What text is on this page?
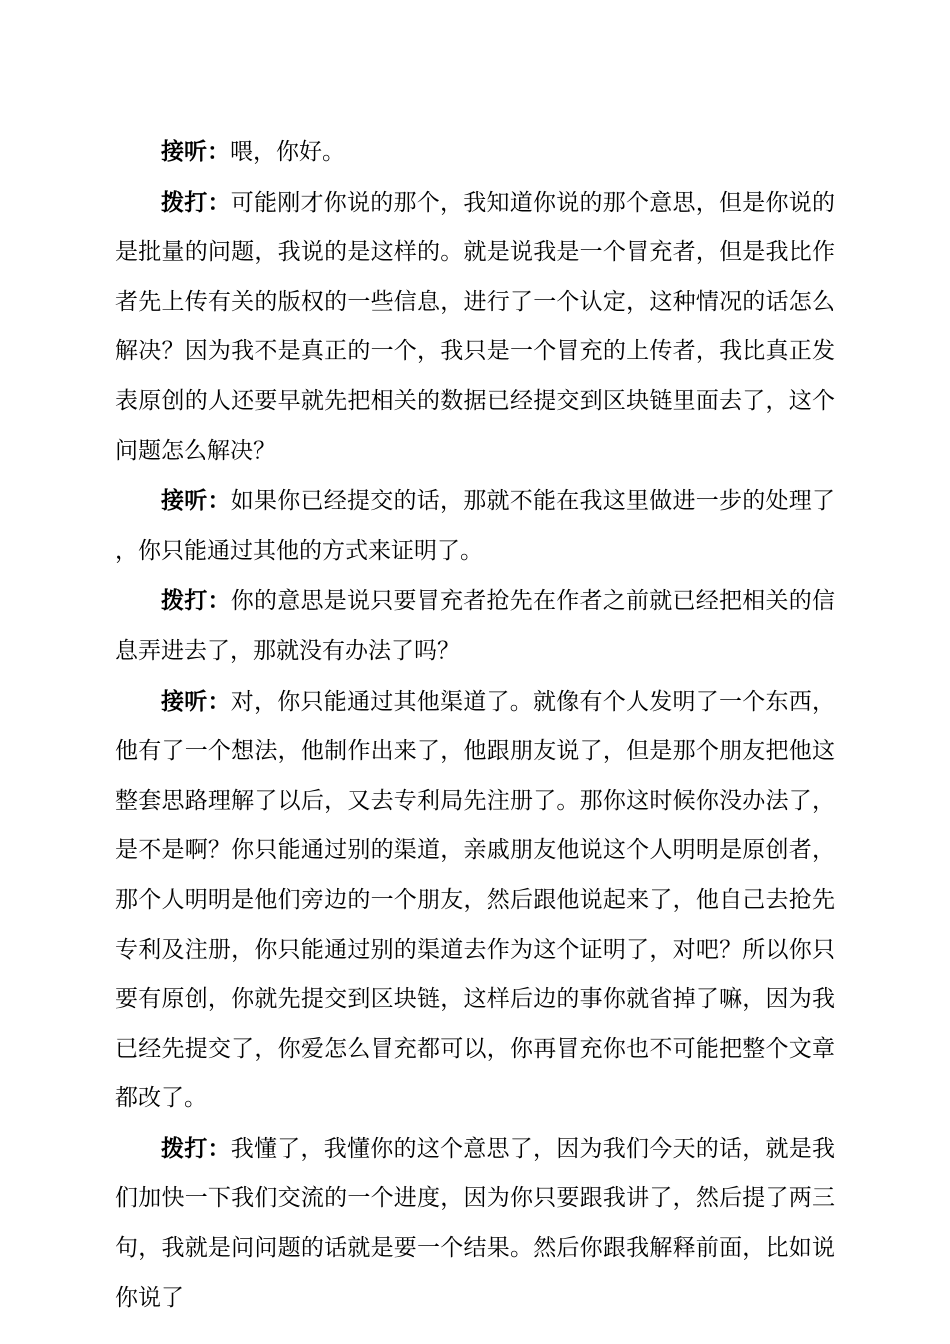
接听：喂，你好。

拨打：可能刚才你说的那个，我知道你说的那个意思，但是你说的是批量的问题，我说的是这样的。就是说我是一个冒充者，但是我比作者先上传有关的版权的一些信息，进行了一个认定，这种情况的话怎么解决？因为我不是真正的一个，我只是一个冒充的上传者，我比真正发表原创的人还要早就先把相关的数据已经提交到区块链里面去了，这个问题怎么解决？

接听：如果你已经提交的话，那就不能在我这里做进一步的处理了，你只能通过其他的方式来证明了。

拨打：你的意思是说只要冒充者抢先在作者之前就已经把相关的信息弄进去了，那就没有办法了吗？

接听：对，你只能通过其他渠道了。就像有个人发明了一个东西，他有了一个想法，他制作出来了，他跟朋友说了，但是那个朋友把他这整套思路理解了以后，又去专利局先注册了。那你这时候你没办法了，是不是啊？你只能通过别的渠道，亲戚朋友他说这个人明明是原创者，那个人明明是他们旁边的一个朋友，然后跟他说起来了，他自己去抢先专利及注册，你只能通过别的渠道去作为这个证明了，对吧？所以你只要有原创，你就先提交到区块链，这样后边的事你就省掉了嘛，因为我已经先提交了，你爱怎么冒充都可以，你再冒充你也不可能把整个文章都改了。

拨打：我懂了，我懂你的这个意思了，因为我们今天的话，就是我们加快一下我们交流的一个进度，因为你只要跟我讲了，然后提了两三句，我就是问问题的话就是要一个结果。然后你跟我解释前面，比如说你说了
